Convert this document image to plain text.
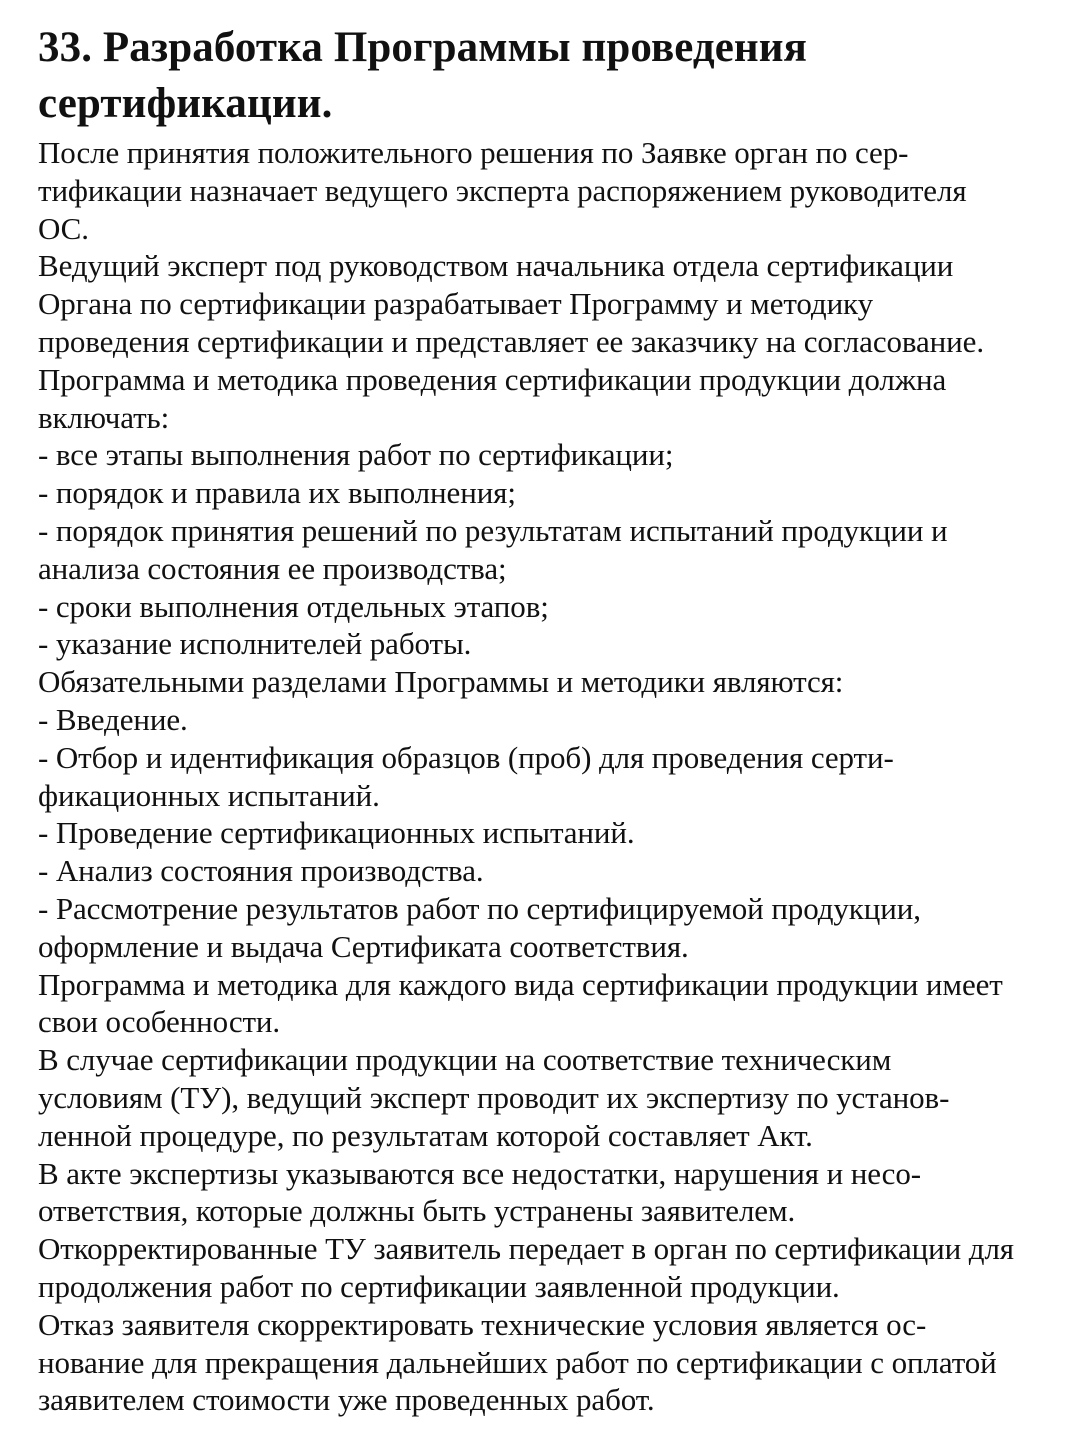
33. Разработка Программы проведения
сертификации.
После принятия положительного решения по Заявке орган по сер-
тификации назначает ведущего эксперта распоряжением руководителя
ОС.
Ведущий эксперт под руководством начальника отдела сертификации
Органа по сертификации разрабатывает Программу и методику
проведения сертификации и представляет ее заказчику на согласование.
Программа и методика проведения сертификации продукции должна
включать:
- все этапы выполнения работ по сертификации;
- порядок и правила их выполнения;
- порядок принятия решений по результатам испытаний продукции и
анализа состояния ее производства;
- сроки выполнения отдельных этапов;
- указание исполнителей работы.
Обязательными разделами Программы и методики являются:
- Введение.
- Отбор и идентификация образцов (проб) для проведения серти-
фикационных испытаний.
- Проведение сертификационных испытаний.
- Анализ состояния производства.
- Рассмотрение результатов работ по сертифицируемой продукции,
оформление и выдача Сертификата соответствия.
Программа и методика для каждого вида сертификации продукции имеет
свои особенности.
В случае сертификации продукции на соответствие техническим
условиям (ТУ), ведущий эксперт проводит их экспертизу по установ-
ленной процедуре, по результатам которой составляет Акт.
В акте экспертизы указываются все недостатки, нарушения и несо-
ответствия, которые должны быть устранены заявителем.
Откорректированные ТУ заявитель передает в орган по сертификации для
продолжения работ по сертификации заявленной продукции.
Отказ заявителя скорректировать технические условия является ос-
нование для прекращения дальнейших работ по сертификации с оплатой
заявителем стоимости уже проведенных работ.
